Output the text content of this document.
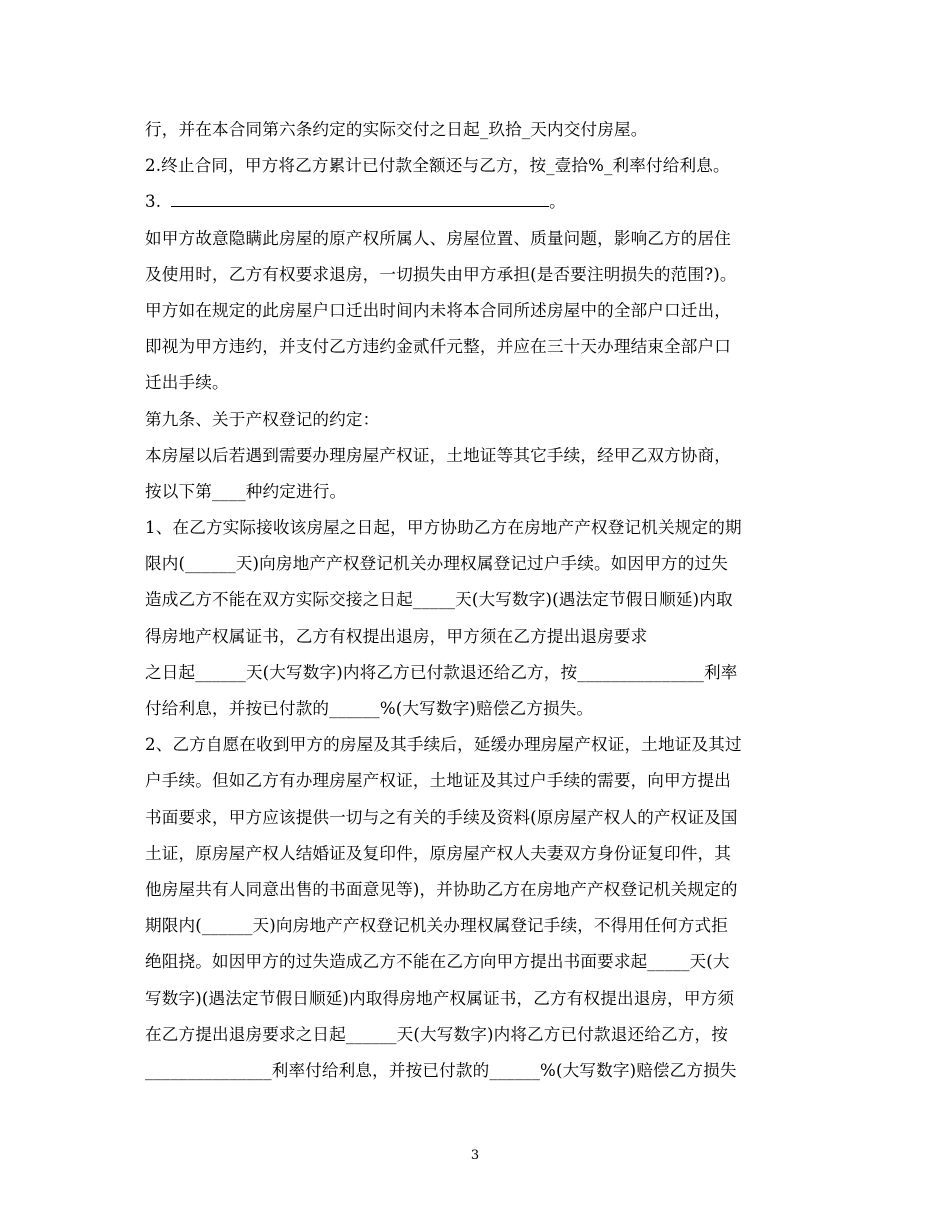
行，并在本合同第六条约定的实际交付之日起_玖拾_天内交付房屋。
2.终止合同，甲方将乙方累计已付款全额还与乙方，按_壹拾%_利率付给利息。
3.	。
如甲方故意隐瞒此房屋的原产权所属人、房屋位置、质量问题，影响乙方的居住
及使用时，乙方有权要求退房，一切损失由甲方承担(是否要注明损失的范围?)。
甲方如在规定的此房屋户口迁出时间内未将本合同所述房屋中的全部户口迁出，
即视为甲方违约，并支付乙方违约金贰仟元整，并应在三十天办理结束全部户口
迁出手续。
第九条、关于产权登记的约定：
本房屋以后若遇到需要办理房屋产权证，土地证等其它手续，经甲乙双方协商，
按以下第____种约定进行。
1、在乙方实际接收该房屋之日起，甲方协助乙方在房地产产权登记机关规定的期
限内(______天)向房地产产权登记机关办理权属登记过户手续。如因甲方的过失
造成乙方不能在双方实际交接之日起_____天(大写数字)(遇法定节假日顺延)内取
得房地产权属证书，乙方有权提出退房，甲方须在乙方提出退房要求
之日起______天(大写数字)内将乙方已付款退还给乙方，按_______________利率
付给利息，并按已付款的______%(大写数字)赔偿乙方损失。
2、乙方自愿在收到甲方的房屋及其手续后，延缓办理房屋产权证，土地证及其过
户手续。但如乙方有办理房屋产权证，土地证及其过户手续的需要，向甲方提出
书面要求，甲方应该提供一切与之有关的手续及资料(原房屋产权人的产权证及国
土证，原房屋产权人结婚证及复印件，原房屋产权人夫妻双方身份证复印件，其
他房屋共有人同意出售的书面意见等)，并协助乙方在房地产产权登记机关规定的
期限内(______天)向房地产产权登记机关办理权属登记手续，不得用任何方式拒
绝阻挠。如因甲方的过失造成乙方不能在乙方向甲方提出书面要求起_____天(大
写数字)(遇法定节假日顺延)内取得房地产权属证书，乙方有权提出退房，甲方须
在乙方提出退房要求之日起______天(大写数字)内将乙方已付款退还给乙方，按
_______________利率付给利息，并按已付款的______%(大写数字)赔偿乙方损失
3
